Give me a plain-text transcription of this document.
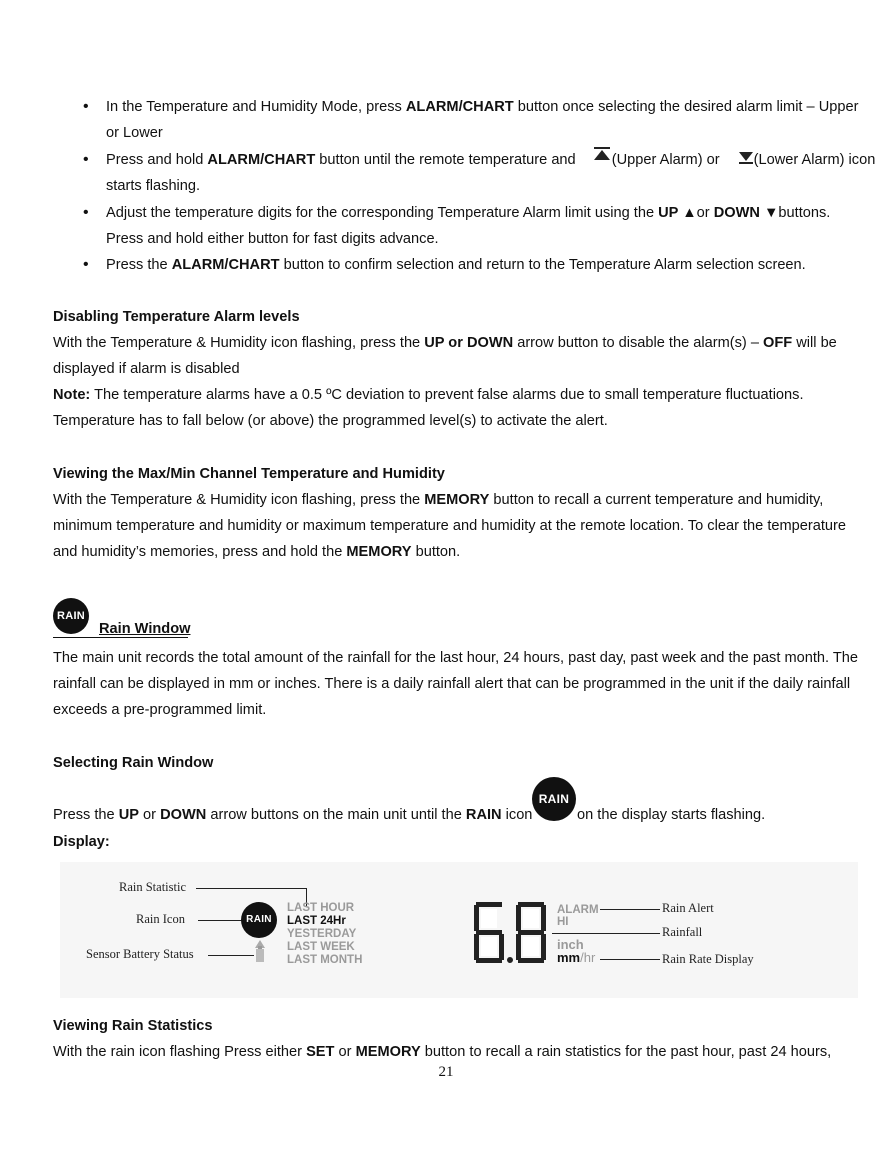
• In the Temperature and Humidity Mode, press ALARM/CHART button once selecting the desired alarm limit – Upper
or Lower
• Press and hold ALARM/CHART button until the remote temperature and (Upper Alarm) or (Lower Alarm) icon
starts flashing.
• Adjust the temperature digits for the corresponding Temperature Alarm limit using the UP ▲or DOWN ▼buttons.
Press and hold either button for fast digits advance.
• Press the ALARM/CHART button to confirm selection and return to the Temperature Alarm selection screen.
Disabling Temperature Alarm levels
With the Temperature & Humidity icon flashing, press the UP or DOWN arrow button to disable the alarm(s) – OFF will be
displayed if alarm is disabled
Note: The temperature alarms have a 0.5 ºC deviation to prevent false alarms due to small temperature fluctuations.
Temperature has to fall below (or above) the programmed level(s) to activate the alert.
Viewing the Max/Min Channel Temperature and Humidity
With the Temperature & Humidity icon flashing, press the MEMORY button to recall a current temperature and humidity,
minimum temperature and humidity or maximum temperature and humidity at the remote location. To clear the temperature
and humidity’s memories, press and hold the MEMORY button.
RAIN
Rain Window
The main unit records the total amount of the rainfall for the last hour, 24 hours, past day, past week and the past month. The
rainfall can be displayed in mm or inches. There is a daily rainfall alert that can be programmed in the unit if the daily rainfall
exceeds a pre-programmed limit.
Selecting Rain Window
Press the UP or DOWN arrow buttons on the main unit until the RAIN icon
RAIN
on the display starts flashing.
Display:
Rain Statistic
Rain Icon
Sensor Battery Status
RAIN
LAST HOUR
LAST 24Hr
YESTERDAY
LAST WEEK
LAST MONTH
ALARM
HI
inch
mm/hr
Rain Alert
Rainfall
Rain Rate Display
Viewing Rain Statistics
With the rain icon flashing Press either SET or MEMORY button to recall a rain statistics for the past hour, past 24 hours,
21
